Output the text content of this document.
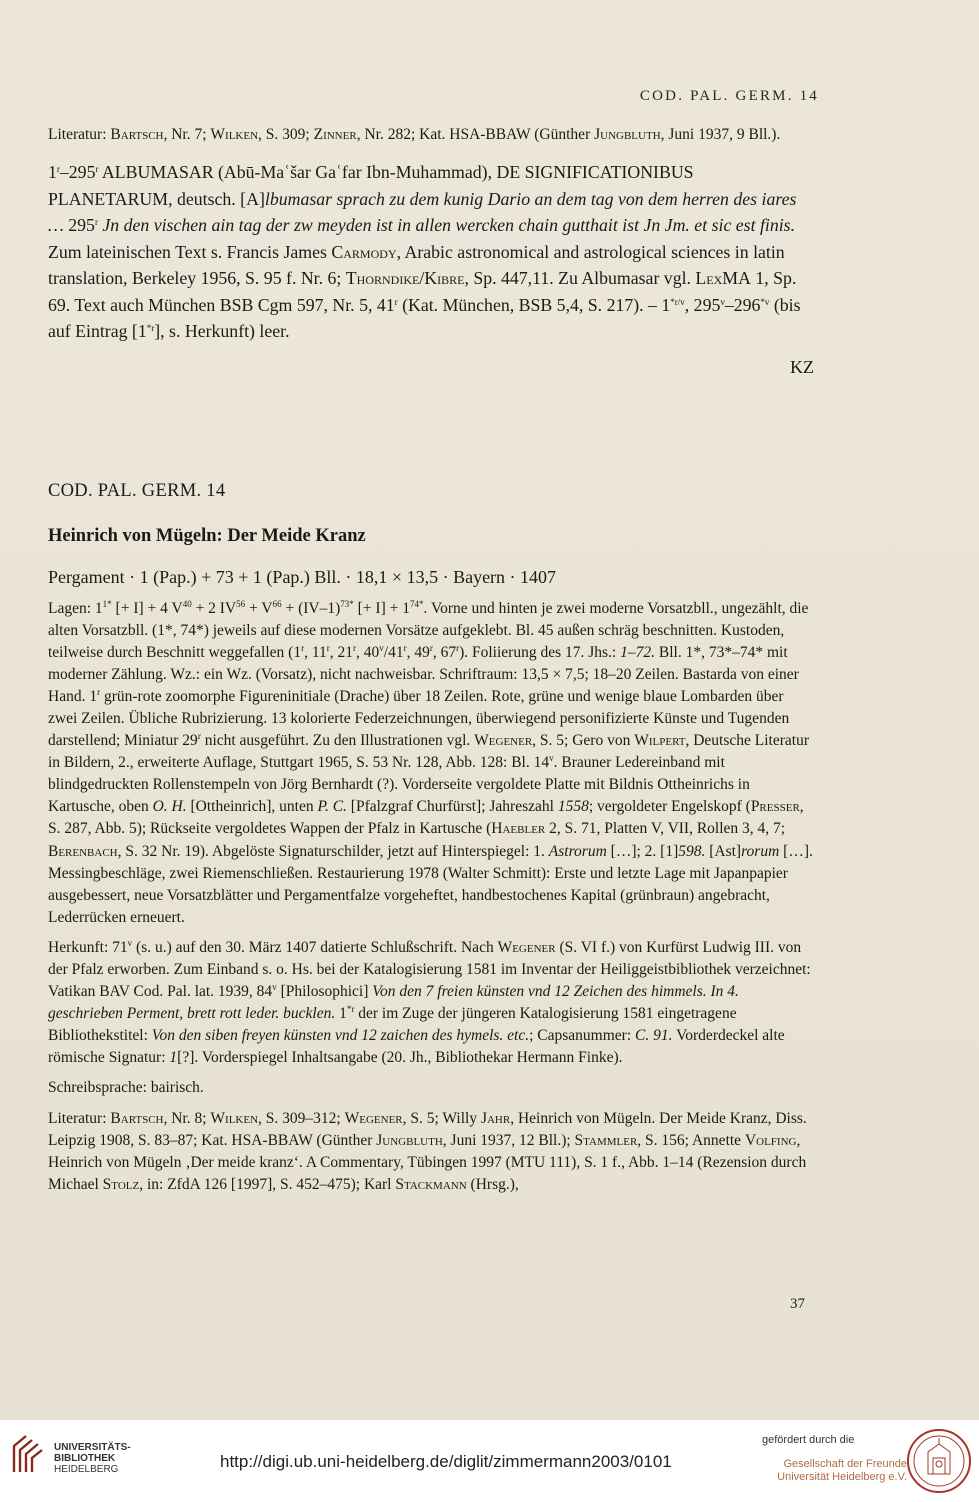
COD. PAL. GERM. 14

Literatur: Bartsch, Nr. 7; Wilken, S. 309; Zinner, Nr. 282; Kat. HSA-BBAW (Günther Jungbluth, Juni 1937, 9 Bll.).

1$^r$–295$^r$ ALBUMASAR (Abū-Maʿšar Gaʿfar Ibn-Muhammad), DE SIGNIFICATIONIBUS PLANETARUM, deutsch. [A]lbumasar sprach zu dem kunig Dario an dem tag von dem herren des iares … 295$^r$ Jn den vischen ain tag der zw meyden ist in allen wercken chain gutthait ist Jn Jm. et sic est finis. Zum lateinischen Text s. Francis James Carmody, Arabic astronomical and astrological sciences in latin translation, Berkeley 1956, S. 95 f. Nr. 6; Thorndike/Kibre, Sp. 447,11. Zu Albumasar vgl. LexMA 1, Sp. 69. Text auch München BSB Cgm 597, Nr. 5, 41$^r$ (Kat. München, BSB 5,4, S. 217). – $1^{*r/v}$, 295$^v$–296$^{*v}$ (bis auf Eintrag [1$^{*r}$], s. Herkunft) leer.

KZ
COD. PAL. GERM. 14
Heinrich von Mügeln: Der Meide Kranz
Pergament · 1 (Pap.) + 73 + 1 (Pap.) Bll. · 18,1 × 13,5 · Bayern · 1407

Lagen: $1^{1*}$ [+ I] + 4 $V^{40} + 2$ $IV^{56} + V^{66} + (IV-1)^{73*}$ [+ $I] + 1^{74*}$. Vorne und hinten je zwei moderne Vorsatzbll., ungezählt, die alten Vorsatzbll. (1*, 74*) jeweils auf diese modernen Vorsätze aufgeklebt. Bl. 45 außen schräg beschnitten. Kustoden, teilweise durch Beschnitt weggefallen (1$^r$, 11$^r$, 21$^r$, 40$^v$/41$^r$, 49$^r$, 67$^r$). Foliierung des 17. Jhs.: 1–72. Bll. 1*, 73*–74* mit moderner Zählung. Wz.: ein Wz. (Vorsatz), nicht nachweisbar. Schriftraum: 13,5 × 7,5; 18–20 Zeilen. Bastarda von einer Hand. 1$^r$ grün-rote zoomorphe Figureninitiale (Drache) über 18 Zeilen. Rote, grüne und wenige blaue Lombarden über zwei Zeilen. Übliche Rubrizierung. 13 kolorierte Federzeichnungen, überwiegend personifizierte Künste und Tugenden darstellend; Miniatur 29$^r$ nicht ausgeführt. Zu den Illustrationen vgl. Wegener, S. 5; Gero von Wilpert, Deutsche Literatur in Bildern, 2., erweiterte Auflage, Stuttgart 1965, S. 53 Nr. 128, Abb. 128: Bl. 14$^v$. Brauner Ledereinband mit blindgedruckten Rollenstempeln von Jörg Bernhardt (?). Vorderseite vergoldete Platte mit Bildnis Ottheinrichs in Kartusche, oben O. H. [Ottheinrich], unten P. C. [Pfalzgraf Churfürst]; Jahreszahl 1558; vergoldeter Engelskopf (Presser, S. 287, Abb. 5); Rückseite vergoldetes Wappen der Pfalz in Kartusche (Haebler 2, S. 71, Platten V, VII, Rollen 3, 4, 7; Berenbach, S. 32 Nr. 19). Abgelöste Signaturschilder, jetzt auf Hinterspiegel: 1. Astrorum […]; 2. [1]598. [Ast]rorum […]. Messingbeschläge, zwei Riemenschließen. Restaurierung 1978 (Walter Schmitt): Erste und letzte Lage mit Japanpapier ausgebessert, neue Vorsatzblätter und Pergamentfalze vorgeheftet, handbestochenes Kapital (grünbraun) angebracht, Lederrücken erneuert.

Herkunft: 71$^v$ (s. u.) auf den 30. März 1407 datierte Schlußschrift. Nach Wegener (S. VI f.) von Kurfürst Ludwig III. von der Pfalz erworben. Zum Einband s. o. Hs. bei der Katalogisierung 1581 im Inventar der Heiliggeistbibliothek verzeichnet: Vatikan BAV Cod. Pal. lat. 1939, 84$^v$ [Philosophici] Von den 7 freien künsten vnd 12 Zeichen des himmels. In 4. geschrieben Perment, brett rott leder. bucklen. 1$^{*r}$ der im Zuge der jüngeren Katalogisierung 1581 eingetragene Bibliothekstitel: Von den siben freyen künsten vnd 12 zaichen des hymels. etc.; Capsanummer: C. 91. Vorderdeckel alte römische Signatur: 1[?]. Vorderspiegel Inhaltsangabe (20. Jh., Bibliothekar Hermann Finke).

Schreibsprache: bairisch.

Literatur: Bartsch, Nr. 8; Wilken, S. 309–312; Wegener, S. 5; Willy Jahr, Heinrich von Mügeln. Der Meide Kranz, Diss. Leipzig 1908, S. 83–87; Kat. HSA-BBAW (Günther Jungbluth, Juni 1937, 12 Bll.); Stammler, S. 156; Annette Volfing, Heinrich von Mügeln ‚Der meide kranz‘. A Commentary, Tübingen 1997 (MTU 111), S. 1 f., Abb. 1–14 (Rezension durch Michael Stolz, in: ZfdA 126 [1997], S. 452–475); Karl Stackmann (Hrsg.),

37
UNIVERSITÄTS-
BIBLIOTHEK
HEIDELBERG	http://digi.ub.uni-heidelberg.de/diglit/zimmermann2003/0101
gefördert durch die
Gesellschaft der Freunde
Universität Heidelberg e.V.
